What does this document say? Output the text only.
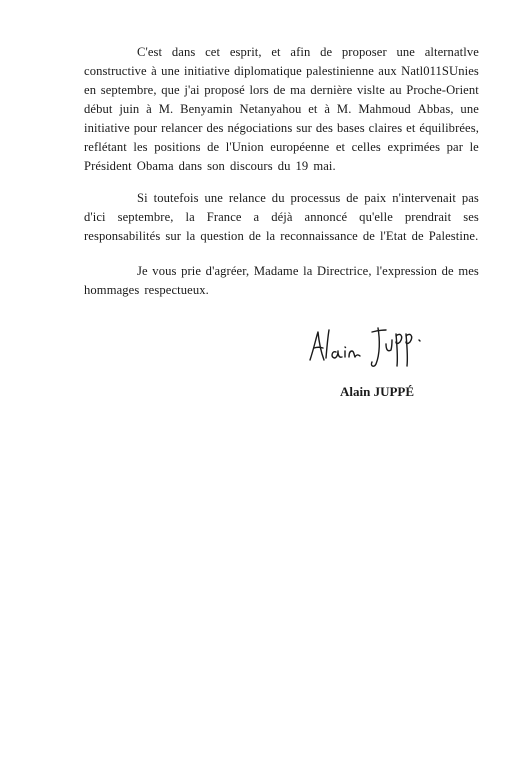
C'est dans cet esprit, et afin de proposer une alternatlve
constructive à une initiative diplomatique palestinienne aux Natl011SUnies
en septembre, que j'ai proposé lors de ma dernière vislte au Proche-Orient
début juin à M. Benyamin Netanyahou et à M. Mahmoud Abbas, une
initiative pour relancer des négociations sur des bases claires et équilibrées,
reflétant les positions de l'Union européenne et celles exprimées par le
Président Obama dans son discours du 19 mai.
Si toutefois une relance du processus de paix n'intervenait pas
d'ici septembre, la France a déjà annoncé qu'elle prendrait ses
responsabilités sur la question de la reconnaissance de l'Etat de Palestine.
Je vous prie d'agréer, Madame la Directrice, l'expression de mes
hommages respectueux.
Alain JUPPÉ
